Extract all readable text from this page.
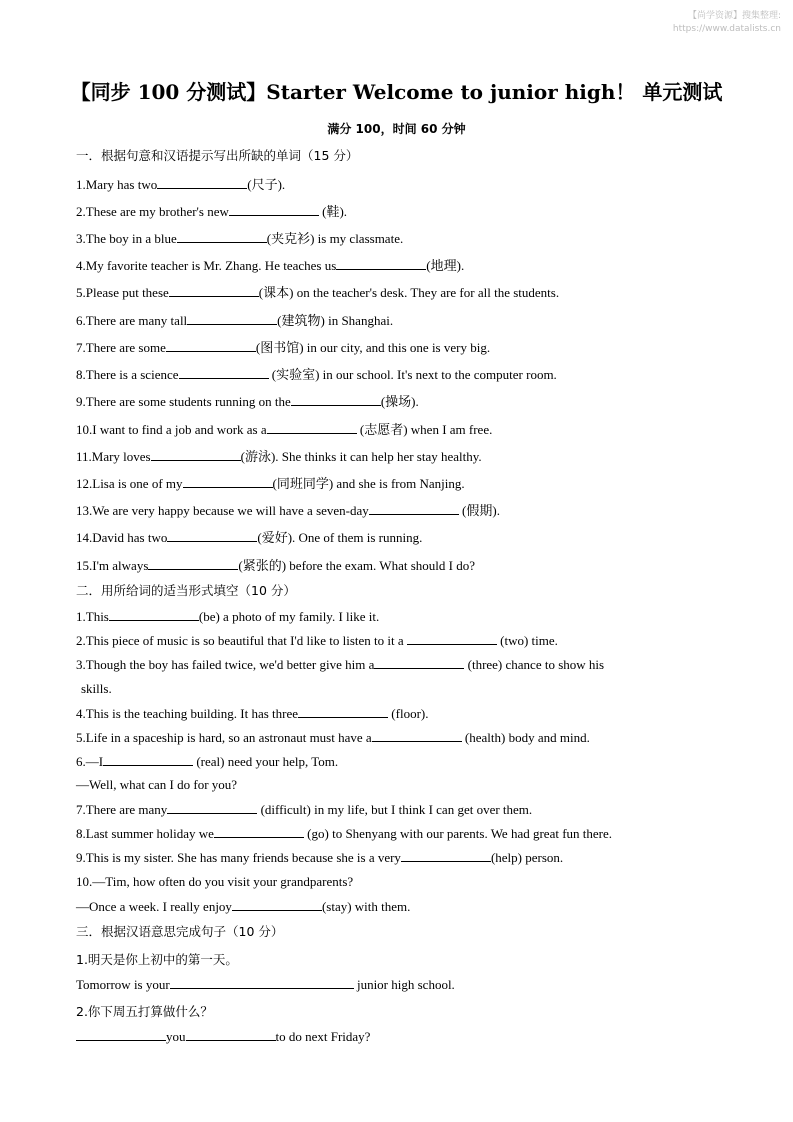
【尚学资源】搜集整理:
https://www.datalists.cn
【同步 100 分测试】Starter Welcome to junior high！ 单元测试
满分 100，时间 60 分钟
一．根据句意和汉语提示写出所缺的单词（15 分）
1.Mary has two	(尺子).
2.These are my brother's new	(鞋).
3.The boy in a blue	(夹克衫) is my classmate.
4.My favorite teacher is Mr. Zhang. He teaches us	(地理).
5.Please put these	(课本) on the teacher's desk. They are for all the students.
6.There are many tall	(建筑物) in Shanghai.
7.There are some	(图书馆) in our city, and this one is very big.
8.There is a science	(实验室) in our school. It's next to the computer room.
9.There are some students running on the	(操场).
10.I want to find a job and work as a	(志愿者) when I am free.
11.Mary loves	(游泳). She thinks it can help her stay healthy.
12.Lisa is one of my	(同班同学) and she is from Nanjing.
13.We are very happy because we will have a seven-day	(假期).
14.David has two	(爱好). One of them is running.
15.I'm always	(紧张的) before the exam. What should I do?
二．用所给词的适当形式填空（10 分）
1.This	(be) a photo of my family. I like it.
2.This piece of music is so beautiful that I'd like to listen to it a	(two) time.
3.Though the boy has failed twice, we'd better give him a	(three) chance to show his
skills.
4.This is the teaching building. It has three	(floor).
5.Life in a spaceship is hard, so an astronaut must have a	(health) body and mind.
6.—I	(real) need your help, Tom.
—Well, what can I do for you?
7.There are many	(difficult) in my life, but I think I can get over them.
8.Last summer holiday we	(go) to Shenyang with our parents. We had great fun there.
9.This is my sister. She has many friends because she is a very	(help) person.
10.—Tim, how often do you visit your grandparents?
—Once a week. I really enjoy	(stay) with them.
三．根据汉语意思完成句子（10 分）
1.明天是你上初中的第一天。
Tomorrow is your	junior high school.
2.你下周五打算做什么？
you	to do next Friday?
